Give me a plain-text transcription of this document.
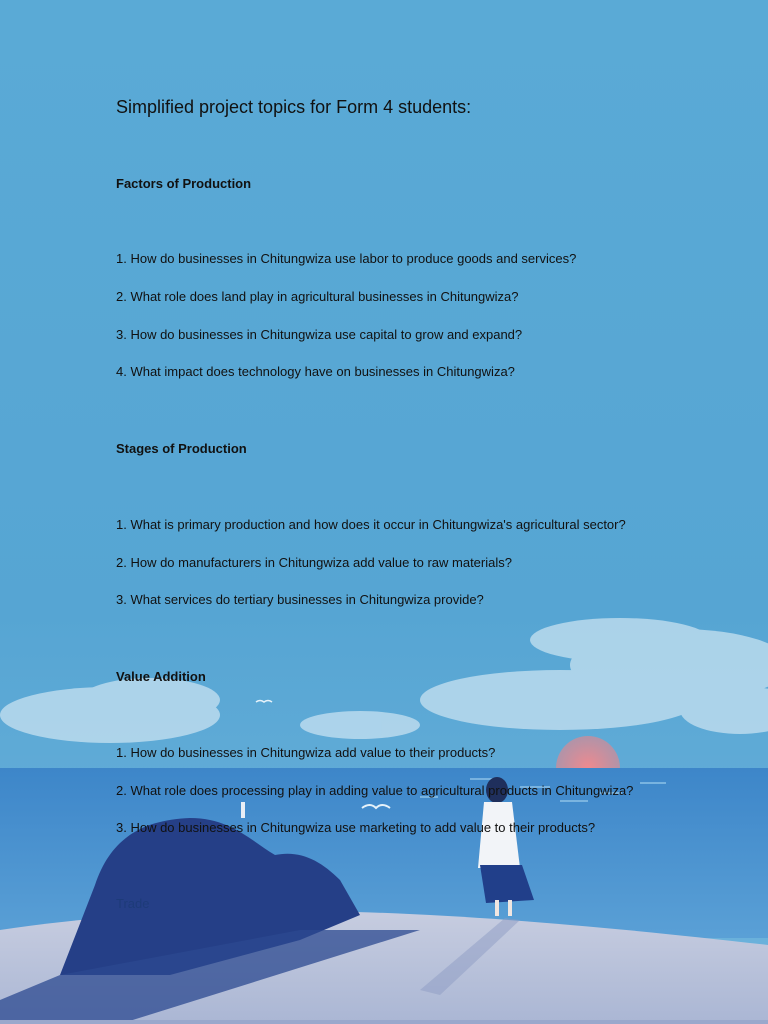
Simplified project topics for Form 4 students:
Factors of Production
1. How do businesses in Chitungwiza use labor to produce goods and services?
2. What role does land play in agricultural businesses in Chitungwiza?
3. How do businesses in Chitungwiza use capital to grow and expand?
4. What impact does technology have on businesses in Chitungwiza?
Stages of Production
1. What is primary production and how does it occur in Chitungwiza's agricultural sector?
2. How do manufacturers in Chitungwiza add value to raw materials?
3. What services do tertiary businesses in Chitungwiza provide?
Value Addition
1. How do businesses in Chitungwiza add value to their products?
2. What role does processing play in adding value to agricultural products in Chitungwiza?
3. How do businesses in Chitungwiza use marketing to add value to their products?
Trade
